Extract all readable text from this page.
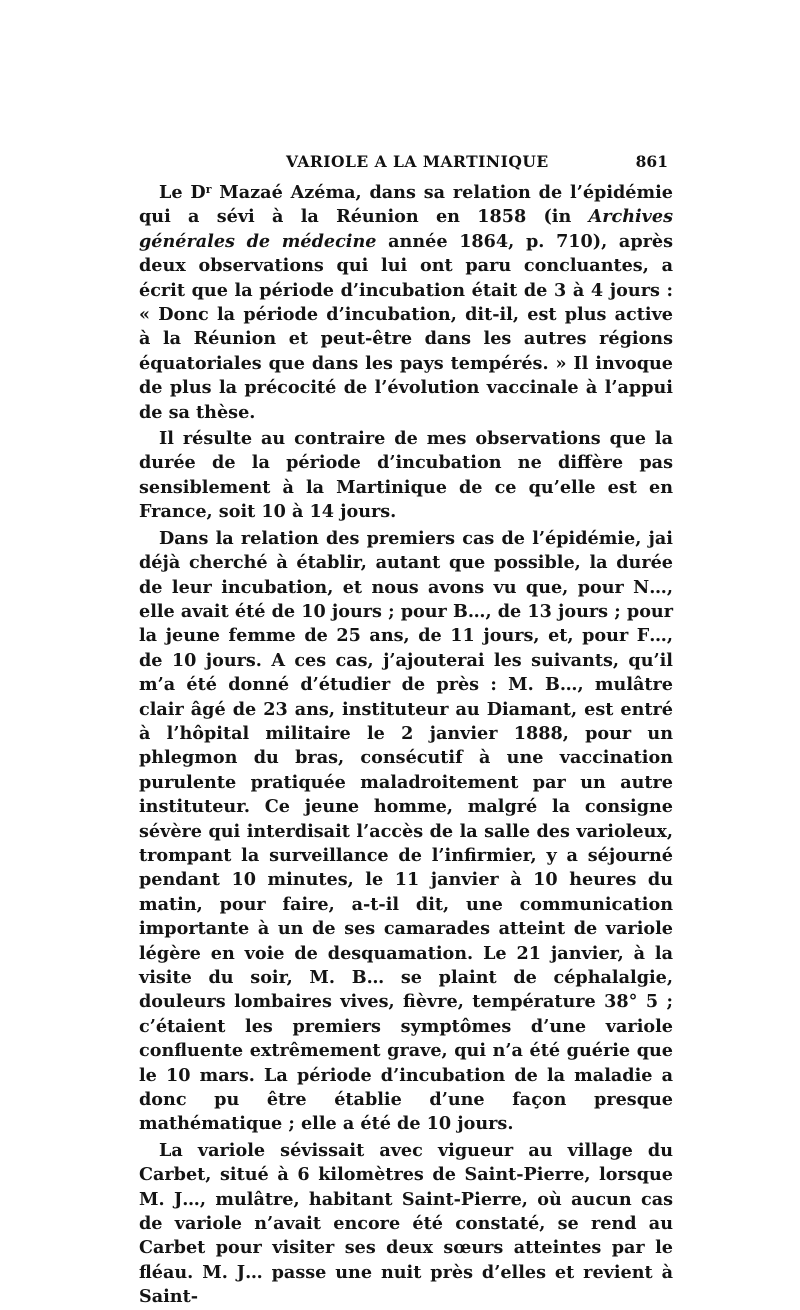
VARIOLE A LA MARTINIQUE	861

Le $D^r$ Mazaé Azéma, dans sa relation de l’épidémie qui a sévi à la Réunion en 1858 (in Archives générales de médecine année 1864, p. 710), après deux observations qui lui ont paru concluantes, a écrit que la période d’incubation était de 3 à 4 jours : « Donc la période d’incubation, dit-il, est plus active à la Réunion et peut-être dans les autres régions équatoriales que dans les pays tempérés. » Il invoque de plus la précocité de l’évolution vaccinale à l’appui de sa thèse.

Il résulte au contraire de mes observations que la durée de la période d’incubation ne diffère pas sensiblement à la Martinique de ce qu’elle est en France, soit 10 à 14 jours.

Dans la relation des premiers cas de l’épidémie, jai déjà cherché à établir, autant que possible, la durée de leur incubation, et nous avons vu que, pour N…, elle avait été de 10 jours ; pour B…, de 13 jours ; pour la jeune femme de 25 ans, de 11 jours, et, pour F…, de 10 jours. A ces cas, j’ajouterai les suivants, qu’il m’a été donné d’étudier de près : M. B…, mulâtre clair âgé de 23 ans, instituteur au Diamant, est entré à l’hôpital militaire le 2 janvier 1888, pour un phlegmon du bras, consécutif à une vaccination purulente pratiquée maladroitement par un autre instituteur. Ce jeune homme, malgré la consigne sévère qui interdisait l’accès de la salle des varioleux, trompant la surveillance de l’infirmier, y a séjourné pendant 10 minutes, le 11 janvier à 10 heures du matin, pour faire, a-t-il dit, une communication importante à un de ses camarades atteint de variole légère en voie de desquamation. Le 21 janvier, à la visite du soir, M. B… se plaint de céphalalgie, douleurs lombaires vives, fièvre, température 38° 5 ; c’étaient les premiers symptômes d’une variole confluente extrêmement grave, qui n’a été guérie que le 10 mars. La période d’incubation de la maladie a donc pu être établie d’une façon presque mathématique ; elle a été de 10 jours.

La variole sévissait avec vigueur au village du Carbet, situé à 6 kilomètres de Saint-Pierre, lorsque M. J…, mulâtre, habitant Saint-Pierre, où aucun cas de variole n’avait encore été constaté, se rend au Carbet pour visiter ses deux sœurs atteintes par le fléau. M. J… passe une nuit près d’elles et revient à Saint-
